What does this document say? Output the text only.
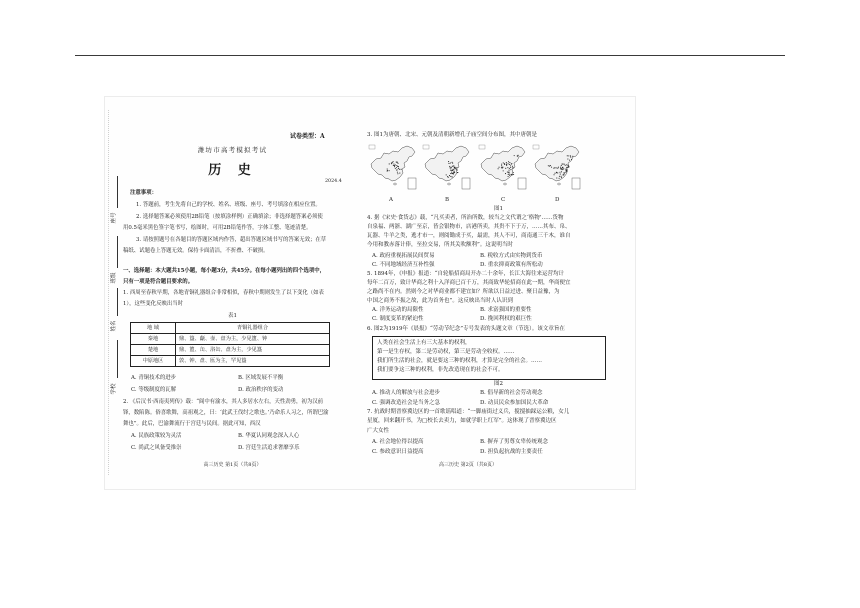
座号
班级
姓名
学校
试卷类型：A
潍坊市高考模拟考试
历 史
2024.4
注意事项：
1. 答题前，考生先将自己的学校、姓名、班级、座号、考号填涂在相应位置。
2. 选择题答案必须使用2B铅笔（按填涂样例）正确填涂；非选择题答案必须使
用0.5毫米黑色签字笔书写，绘图时，可用2B铅笔作答，字体工整、笔迹清楚。
3. 请按照题号在各题目的答题区域内作答，超出答题区域书写的答案无效；在草
稿纸、试题卷上答题无效。保持卡面清洁，不折叠、不破损。
一、选择题：本大题共15小题，每小题3分，共45分。在每小题列出的四个选项中，
只有一项是符合题目要求的。
1. 西周至春秋早期，各地青铜礼器组合非常相似，春秋中期则发生了以下变化（如表
1），这些变化反映出当时
表1
地 域	青铜礼器组合
秦地	鼎、簋、甗、壶、盘为主，少见簠、钟
楚地	鼎、簠、缶、浴缶、盘为主，少见簋
中原地区	敦、钟、盘、匜为主，罕见簋
A. 青铜技术的进步	B. 区域发展不平衡
C. 等级制度的瓦解	D. 政治秩序的变动
2. 《后汉书·西南夷列传》载：“阆中有渝水，其人多居水左右，天性劲勇，初为汉前
锋，数陷陈。俗喜歌舞，高祖观之，曰：‘此武王伐纣之歌也。’乃命乐人习之，所谓巴渝
舞也”。此后，巴渝舞流行于宫廷与民间。据此可知，西汉
A. 民族政策较为灵活	B. 华夏认同观念深入人心
C. 尚武之风备受推崇	D. 宫廷生活追求奢靡享乐
高三历史 第1页（共8页）
3. 图1为唐朝、北宋、元朝及清朝新增孔子庙空间分布图，其中唐朝是
A	B	C	D
图1
4. 据《宋史·食货志》载，“凡买卖者，所治所数，较当之文代谓之‘格物’……货物
自泉福、两浙、湖广至京，皆会银物市，店港所卖，其贵不下于万，……其布、帛、
瓦器、牛羊之类，逃才市一，则阅锄成于买，最需，其人不可，商南通三千木，谁自
今用和教赤落计俸，至拉交易，所其关吹额利”。这说明当时
A. 政府重视拓展民间贸易	B. 税收方式由实物到货币
C. 不同地域经济互补性强	D. 重农抑商政策有所松动
5. 1894年，《申报》报道：“自轮船招商局开办二十余年，长江大海往来运营均计
每年二百万，致计华商之利十入洋商已百千万，其商致华轮招商在此一期，华商便宜
之路尚不在内。然则今之对华商业都不建宜如？所欲以日益过进、聚日益豫，为
中国之商务不振之故，此为首务也”。这反映出当时人认识到
A. 洋务运动的局限性	B. 求富强国的重要性
C. 制度变革的紧迫性	D. 挽回利权的艰巨性
6. 图2为1919年《晨报》“劳动节纪念”专号发表的头题文章（节选）。该文章旨在
人类在社会生活上有三大基本的权利，
第一是生存权，第二是劳动权，第三是劳动全收权。……
我们所生活的社会，就是要这三种的权利，才算是完全的社会。……
我们要争这三种的权利，非先改造现在的社会不可。
图2
A. 推动人的解放与社会进步	B. 倡导新的社会劳动观念
C. 强调改造社会是当务之急	D. 动员民众参加国民大革命
7. 抗战时期晋察冀边区的一首歌谣唱道：“一脚庙街过义兵，搅搅抽踩运公粮，女儿
星厦，回来翻开书，为□校长去卖力，如就学职上红军”。这体现了晋察冀边区
广大女性
A. 社会地位得以提高	B. 摒弃了男尊女卑传统观念
C. 参政意识日益提高	D. 担负起抗战的主要责任
高三历史 第2页（共8页）
